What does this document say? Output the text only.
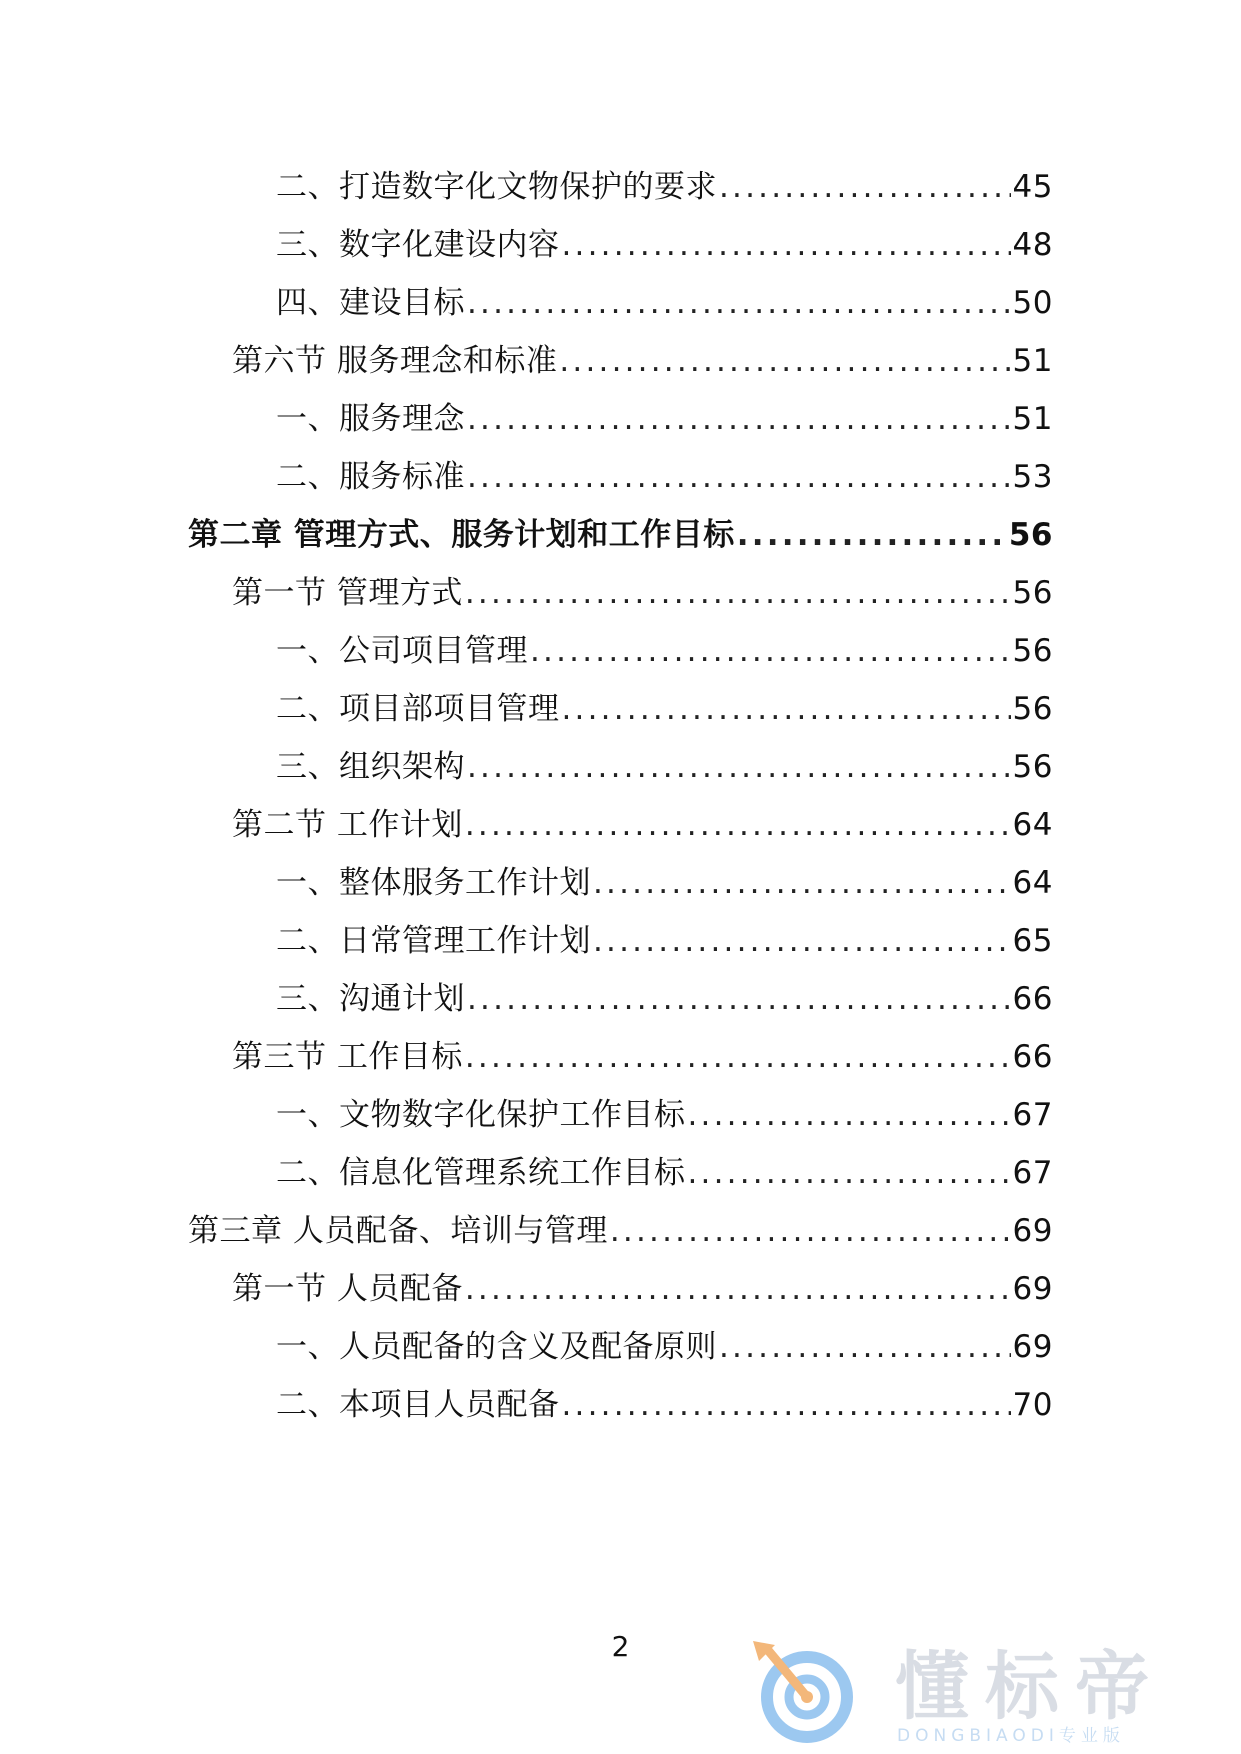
二、打造数字化文物保护的要求 .....	45
三、数字化建设内容 .....	48
四、建设目标 .....	50
第六节 服务理念和标准 .....	51
一、服务理念 .....	51
二、服务标准 .....	53
第二章 管理方式、服务计划和工作目标 .....	56
第一节 管理方式 .....	56
一、公司项目管理 .....	56
二、项目部项目管理 .....	56
三、组织架构 .....	56
第二节 工作计划 .....	64
一、整体服务工作计划 .....	64
二、日常管理工作计划 .....	65
三、沟通计划 .....	66
第三节 工作目标 .....	66
一、文物数字化保护工作目标 .....	67
二、信息化管理系统工作目标 .....	67
第三章 人员配备、培训与管理 .....	69
第一节 人员配备 .....	69
一、人员配备的含义及配备原则 .....	69
二、本项目人员配备 .....	70
2	懂标帝
DONGBIAODI专业版
